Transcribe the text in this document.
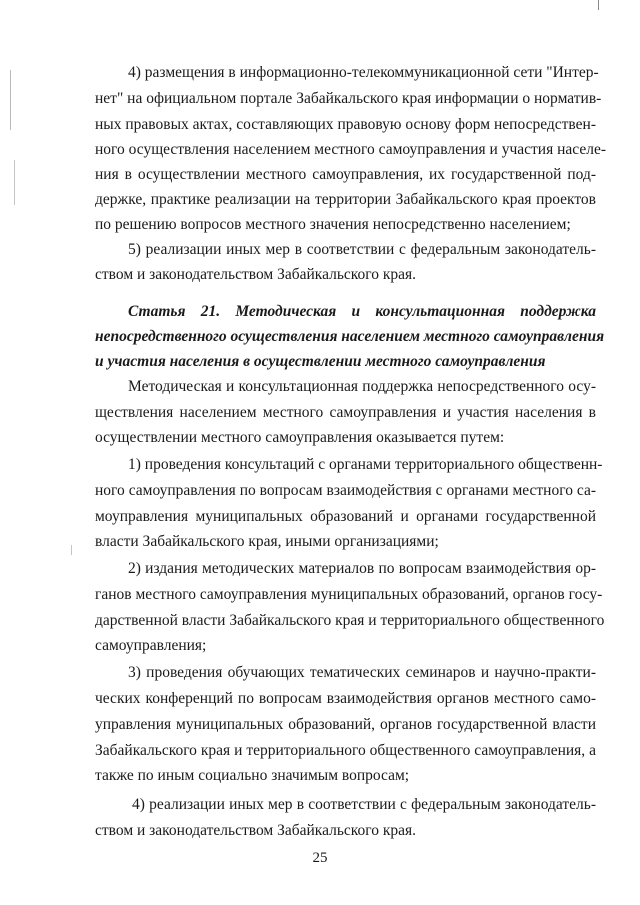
4) размещения в информационно-телекоммуникационной сети "Интер-
нет" на официальном портале Забайкальского края информации о норматив-
ных правовых актах, составляющих правовую основу форм непосредствен-
ного осуществления населением местного самоуправления и участия населе-
ния в осуществлении местного самоуправления, их государственной под-
держке, практике реализации на территории Забайкальского края проектов
по решению вопросов местного значения непосредственно населением;
5) реализации иных мер в соответствии с федеральным законодатель-
ством и законодательством Забайкальского края.
Статья 21. Методическая и консультационная поддержка
непосредственного осуществления населением местного самоуправления
и участия населения в осуществлении местного самоуправления
Методическая и консультационная поддержка непосредственного осу-
ществления населением местного самоуправления и участия населения в
осуществлении местного самоуправления оказывается путем:
1) проведения консультаций с органами территориального общественн-
ного самоуправления по вопросам взаимодействия с органами местного са-
моуправления муниципальных образований и органами государственной
власти Забайкальского края, иными организациями;
2) издания методических материалов по вопросам взаимодействия ор-
ганов местного самоуправления муниципальных образований, органов госу-
дарственной власти Забайкальского края и территориального общественного
самоуправления;
3) проведения обучающих тематических семинаров и научно-практи-
ческих конференций по вопросам взаимодействия органов местного само-
управления муниципальных образований, органов государственной власти
Забайкальского края и территориального общественного самоуправления, а
также по иным социально значимым вопросам;
4) реализации иных мер в соответствии с федеральным законодатель-
ством и законодательством Забайкальского края.
25
